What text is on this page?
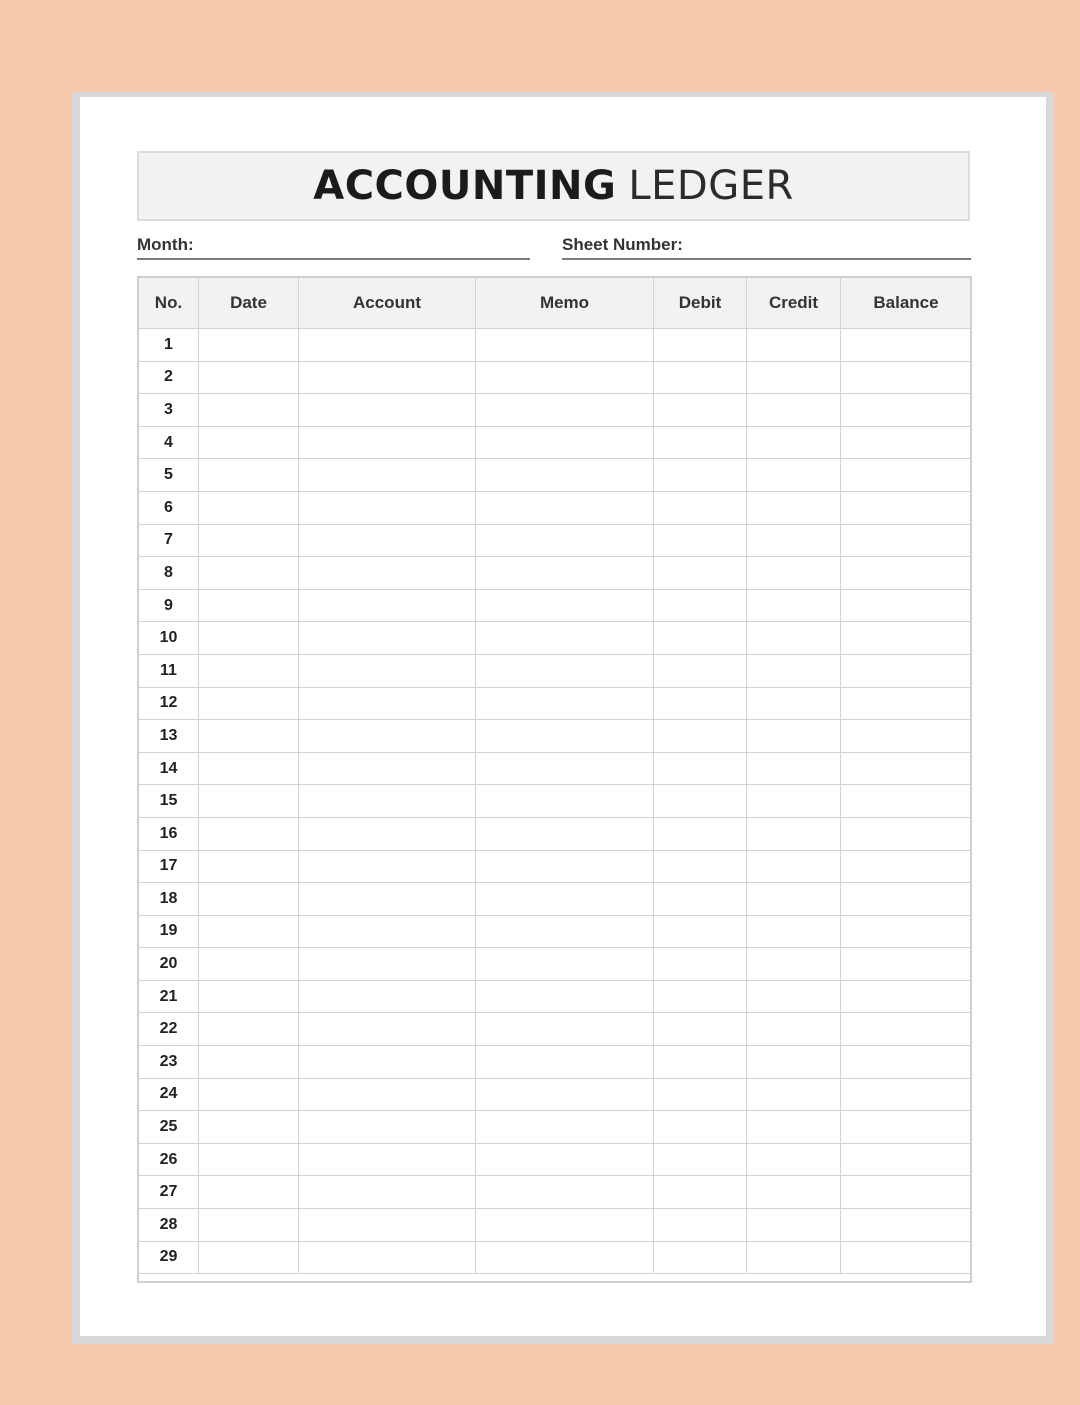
ACCOUNTING LEDGER
Month:	Sheet Number:
No.	Date	Account	Memo	Debit	Credit	Balance
1						
2						
3						
4						
5						
6						
7						
8						
9						
10						
11						
12						
13						
14						
15						
16						
17						
18						
19						
20						
21						
22						
23						
24						
25						
26						
27						
28						
29						
